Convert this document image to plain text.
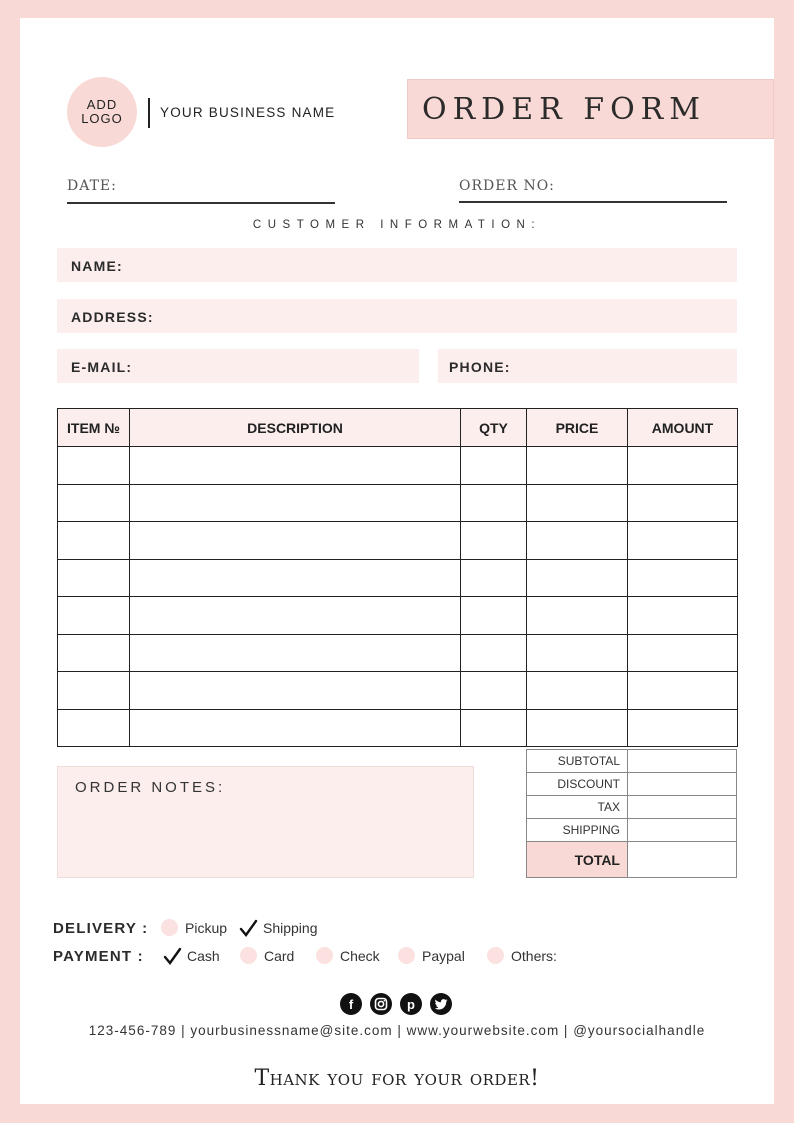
ADD
LOGO	YOUR BUSINESS NAME	ORDER FORM
DATE:	ORDER NO:
CUSTOMER INFORMATION:
NAME:
ADDRESS:
E-MAIL:	PHONE:
ITEM №	DESCRIPTION	QTY	PRICE	AMOUNT

ORDER NOTES:
SUBTOTAL	
DISCOUNT	
TAX	
SHIPPING	
TOTAL	
DELIVERY :	Pickup	Shipping
PAYMENT :	Cash	Card	Check	Paypal	Others:
f	p
123-456-789 | yourbusinessname@site.com | www.yourwebsite.com | @yoursocialhandle
Thank you for your order!
